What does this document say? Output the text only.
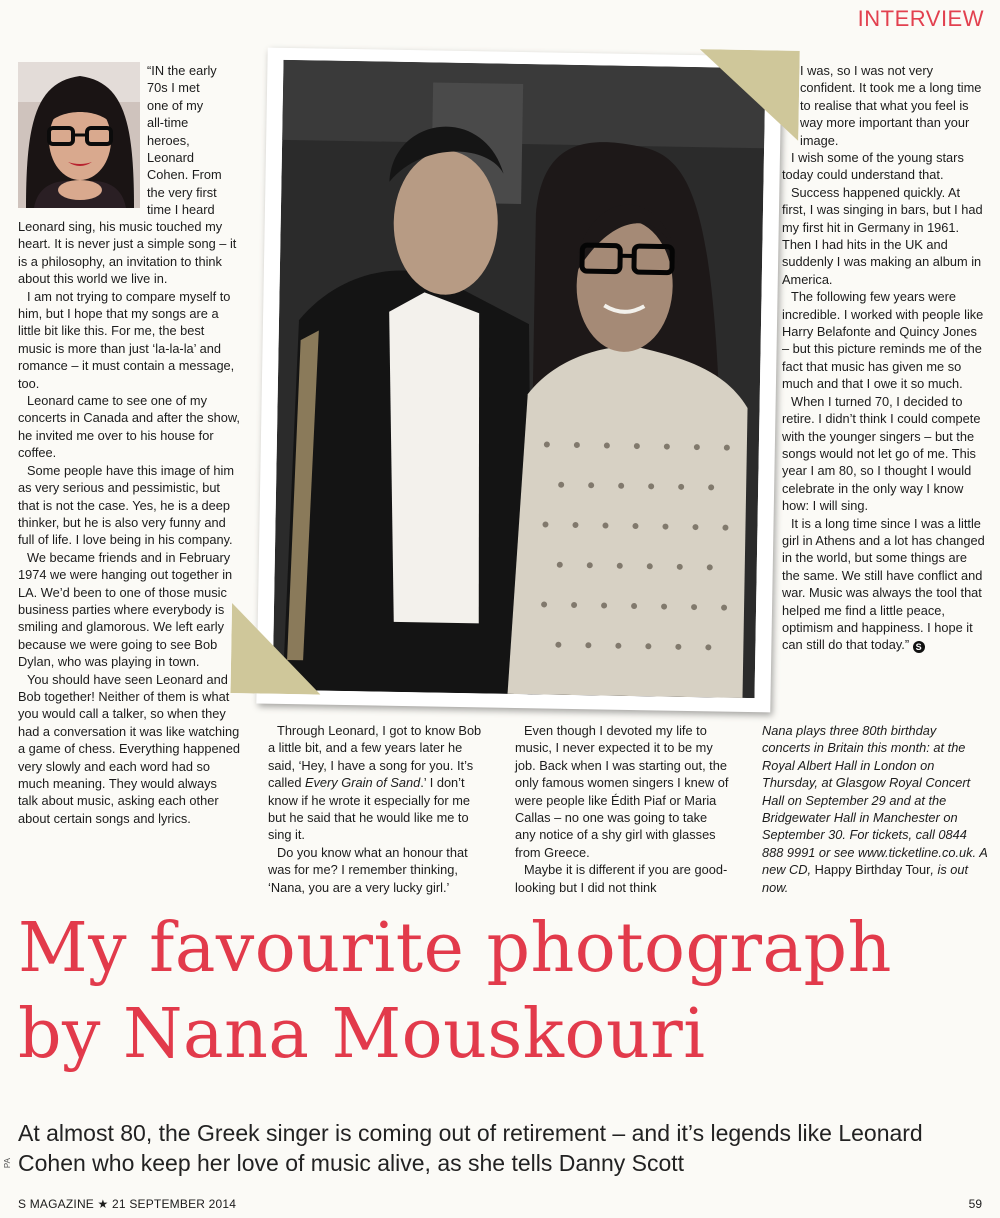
INTERVIEW
“IN the early
70s I met
one of my
all-time
heroes,
Leonard
Cohen. From
the very first
time I heard

Leonard sing, his music touched my heart. It is never just a simple song – it is a philosophy, an invitation to think about this world we live in.

I am not trying to compare myself to him, but I hope that my songs are a little bit like this. For me, the best music is more than just ‘la-la-la’ and romance – it must contain a message, too.

Leonard came to see one of my concerts in Canada and after the show, he invited me over to his house for coffee.

Some people have this image of him as very serious and pessimistic, but that is not the case. Yes, he is a deep thinker, but he is also very funny and full of life. I love being in his company.

We became friends and in February 1974 we were hanging out together in LA. We’d been to one of those music business parties where everybody is smiling and glamorous. We left early because we were going to see Bob Dylan, who was playing in town.

You should have seen Leonard and Bob together! Neither of them is what you would call a talker, so when they had a conversation it was like watching a game of chess. Everything happened very slowly and each word had so much meaning. They would always talk about music, asking each other about certain songs and lyrics.

Through Leonard, I got to know Bob a little bit, and a few years later he said, ‘Hey, I have a song for you. It’s called Every Grain of Sand.’ I don’t know if he wrote it especially for me but he said that he would like me to sing it.

Do you know what an honour that was for me? I remember thinking, ‘Nana, you are a very lucky girl.’

Even though I devoted my life to music, I never expected it to be my job. Back when I was starting out, the only famous women singers I knew of were people like Édith Piaf or Maria Callas – no one was going to take any notice of a shy girl with glasses from Greece.

Maybe it is different if you are good-looking but I did not think

I was, so I was not very confident. It took me a long time to realise that what you feel is way more important than your image.

I wish some of the young stars today could understand that.

Success happened quickly. At first, I was singing in bars, but I had my first hit in Germany in 1961. Then I had hits in the UK and suddenly I was making an album in America.

The following few years were incredible. I worked with people like Harry Belafonte and Quincy Jones – but this picture reminds me of the fact that music has given me so much and that I owe it so much.

When I turned 70, I decided to retire. I didn’t think I could compete with the younger singers – but the songs would not let go of me. This year I am 80, so I thought I would celebrate in the only way I know how: I will sing.

It is a long time since I was a little girl in Athens and a lot has changed in the world, but some things are the same. We still have conflict and war. Music was always the tool that helped me find a little peace, optimism and happiness. I hope it can still do that today.” S

Nana plays three 80th birthday concerts in Britain this month: at the Royal Albert Hall in London on Thursday, at Glasgow Royal Concert Hall on September 29 and at the Bridgewater Hall in Manchester on September 30. For tickets, call 0844 888 9991 or see www.ticketline.co.uk. A new CD, Happy Birthday Tour, is out now.

My favourite photograph
by Nana Mouskouri
At almost 80, the Greek singer is coming out of retirement – and it’s legends like Leonard Cohen who keep her love of music alive, as she tells Danny Scott
PA
S MAGAZINE ★ 21 SEPTEMBER 2014	59
